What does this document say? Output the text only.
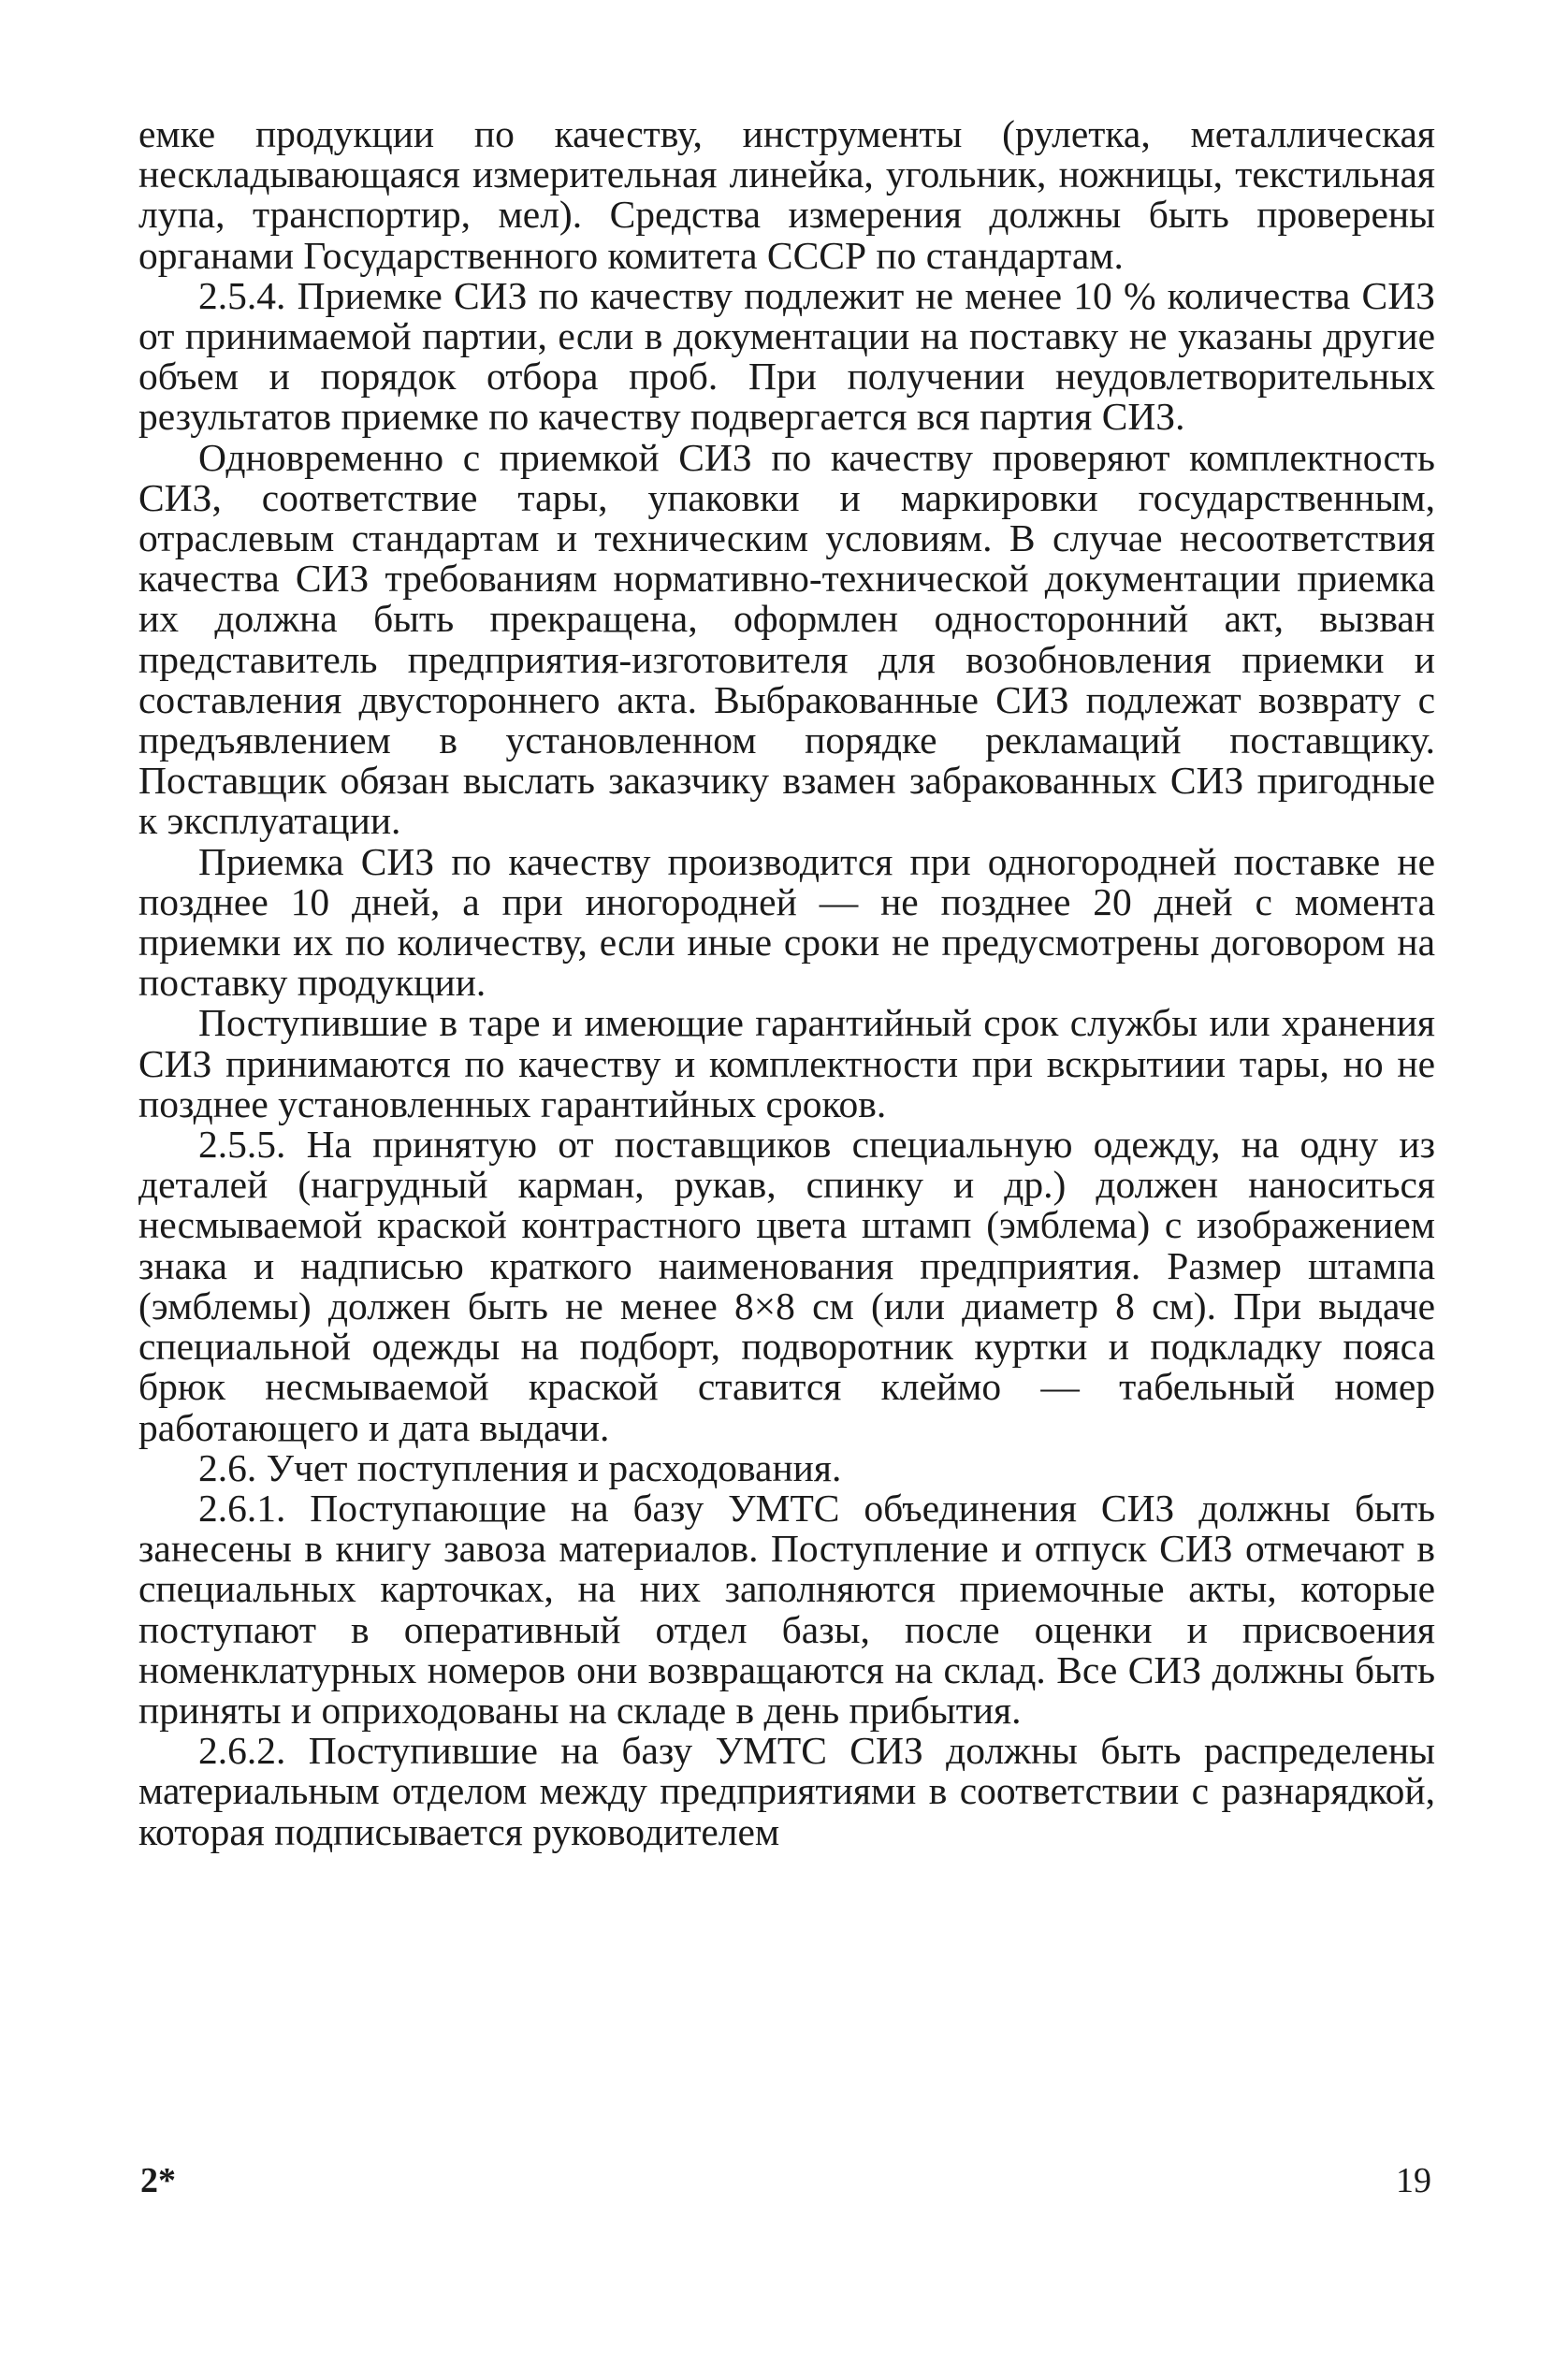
емке продукции по качеству, инструменты (рулетка, металлическая нескладывающаяся измерительная линейка, угольник, ножницы, текстильная лупа, транспортир, мел). Средства измерения должны быть проверены органами Государственного комитета СССР по стандартам.

2.5.4. Приемке СИЗ по качеству подлежит не менее 10 % количества СИЗ от принимаемой партии, если в документации на поставку не указаны другие объем и порядок отбора проб. При получении неудовлетворительных результатов приемке по качеству подвергается вся партия СИЗ.

Одновременно с приемкой СИЗ по качеству проверяют комплектность СИЗ, соответствие тары, упаковки и маркировки государственным, отраслевым стандартам и техническим условиям. В случае несоответствия качества СИЗ требованиям нормативно-технической документации приемка их должна быть прекращена, оформлен односторонний акт, вызван представитель предприятия-изготовителя для возобновления приемки и составления двустороннего акта. Выбракованные СИЗ подлежат возврату с предъявлением в установленном порядке рекламаций поставщику. Поставщик обязан выслать заказчику взамен забракованных СИЗ пригодные к эксплуатации.

Приемка СИЗ по качеству производится при одногородней поставке не позднее 10 дней, а при иногородней — не позднее 20 дней с момента приемки их по количеству, если иные сроки не предусмотрены договором на поставку продукции.

Поступившие в таре и имеющие гарантийный срок службы или хранения СИЗ принимаются по качеству и комплектности при вскрытиии тары, но не позднее установленных гарантийных сроков.

2.5.5. На принятую от поставщиков специальную одежду, на одну из деталей (нагрудный карман, рукав, спинку и др.) должен наноситься несмываемой краской контрастного цвета штамп (эмблема) с изображением знака и надписью краткого наименования предприятия. Размер штампа (эмблемы) должен быть не менее 8×8 см (или диаметр 8 см). При выдаче специальной одежды на подборт, подворотник куртки и подкладку пояса брюк несмываемой краской ставится клеймо — табельный номер работающего и дата выдачи.

2.6. Учет поступления и расходования.

2.6.1. Поступающие на базу УМТС объединения СИЗ должны быть занесены в книгу завоза материалов. Поступление и отпуск СИЗ отмечают в специальных карточках, на них заполняются приемочные акты, которые поступают в оперативный отдел базы, после оценки и присвоения номенклатурных номеров они возвращаются на склад. Все СИЗ должны быть приняты и оприходованы на складе в день прибытия.

2.6.2. Поступившие на базу УМТС СИЗ должны быть распределены материальным отделом между предприятиями в соответствии с разнарядкой, которая подписывается руководителем

2*	19
